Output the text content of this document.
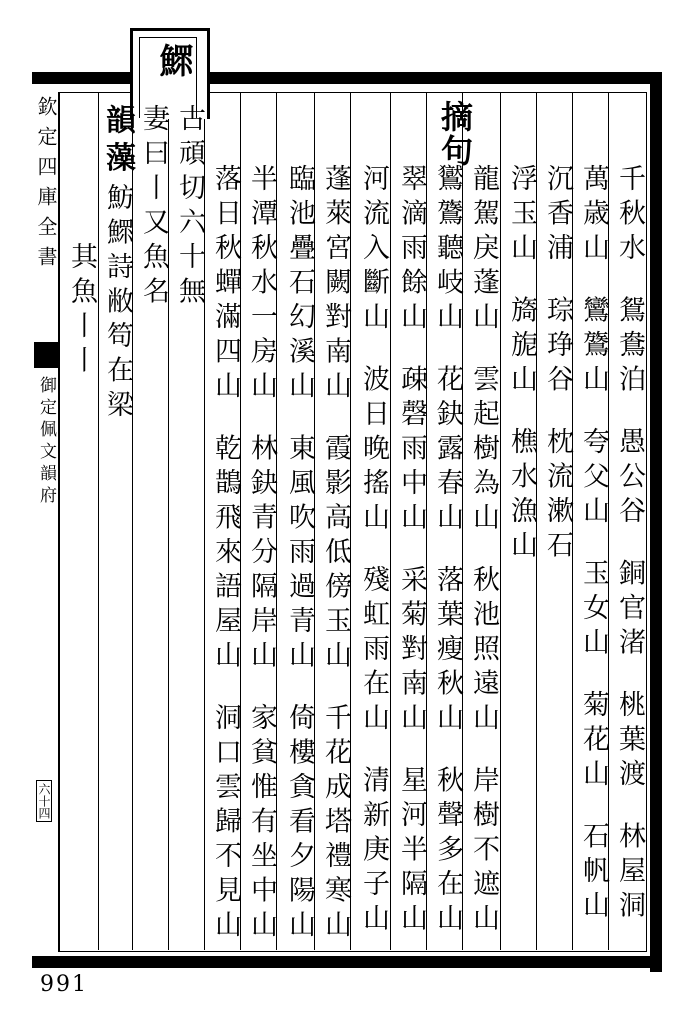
鰥
摘句
千秋水鴛鴦泊愚公谷銅官渚桃葉渡林屋洞
萬歳山鸞鷟山夸父山玉女山菊花山石帆山
沉香浦琮琤谷枕流漱石
浮玉山旖旎山樵水漁山
龍駕戾蓬山雲起樹為山秋池照遠山岸樹不遮山
鸑鷟聽岐山花鈌露春山落葉瘦秋山秋聲多在山
翠滴雨餘山疎磬雨中山采菊對南山星河半隔山
河流入斷山波日晚搖山殘虹雨在山清新庚子山
蓬萊宮闕對南山霞影高低傍玉山千花成塔禮寒山
臨池疊石幻溪山東風吹雨過青山倚樓貪看夕陽山
半潭秋水一房山林鈌青分隔岸山家貧惟有坐中山
落日秋蟬滿四山乾鵲飛來語屋山洞口雲歸不見山
古頑切六十無
妻曰丨又魚名
韻藻魴鰥詩敝笱在梁
其魚丨丨
欽定四庫全書
御定佩文韻府
六十四
991
